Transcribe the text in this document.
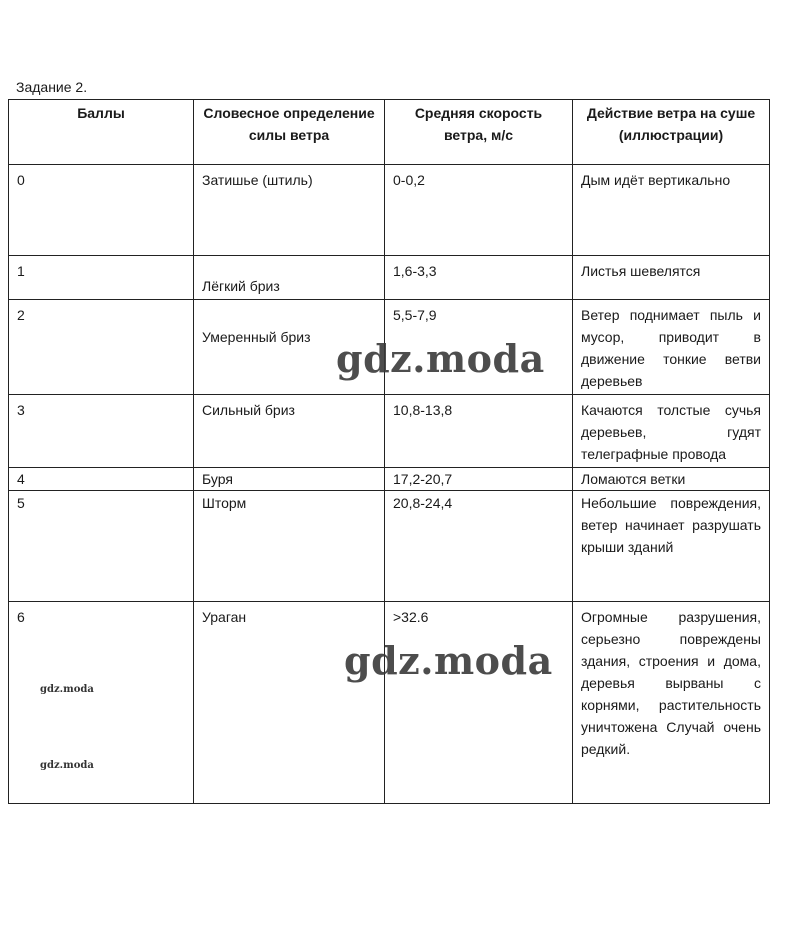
Задание 2.
Баллы	Словесное определение силы ветра	Средняя скорость ветра, м/с	Действие ветра на суше (иллюстрации)
0	Затишье (штиль)	0-0,2	Дым идёт вертикально
1	Лёгкий бриз	1,6-3,3	Листья шевелятся
2	Умеренный бриз	5,5-7,9	Ветер поднимает пыль и мусор, приводит в движение тонкие ветви деревьев
3	Сильный бриз	10,8-13,8	Качаются толстые сучья деревьев, гудят телеграфные провода
4	Буря	17,2-20,7	Ломаются ветки
5	Шторм	20,8-24,4	Небольшие повреждения, ветер начинает разрушать крыши зданий
6	Ураган	>32.6	Огромные разрушения, серьезно повреждены здания, строения и дома, деревья вырваны с корнями, растительность уничтожена Случай очень редкий.
gdz.moda
gdz.moda
gdz.moda
gdz.moda
